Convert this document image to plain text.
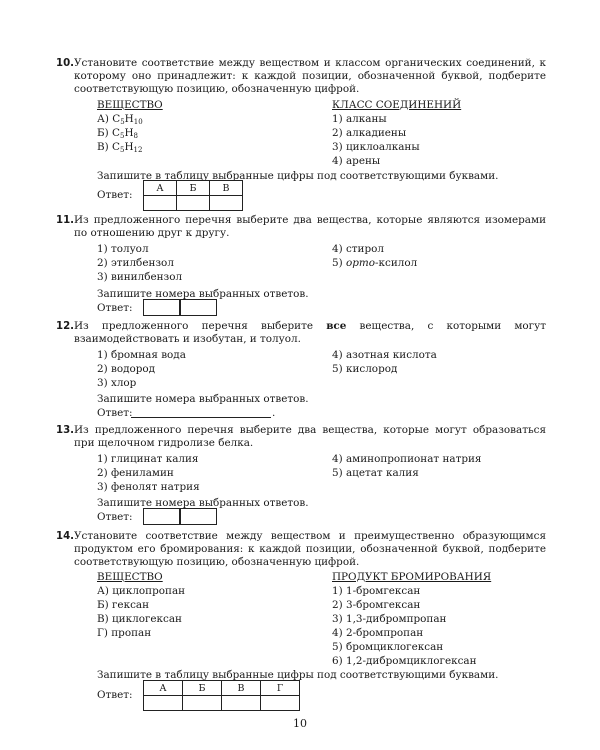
10. Установите соответствие между веществом и классом органических соединений, к которому оно принадлежит: к каждой позиции, обозначенной буквой, подберите соответствующую позицию, обозначенную цифрой.

ВЕЩЕСТВО	КЛАСС СОЕДИНЕНИЙ
А) $C_5H_{10}$
Б) $C_5H_8$
В) $C_5H_{12}$
1) алканы
2) алкадиены
3) циклоалканы
4) арены
Запишите в таблицу выбранные цифры под соответствующими буквами.
Ответ:
А	Б	В

11. Из предложенного перечня выберите два вещества, которые являются изомерами по отношению друг к другу.

1) толуол
2) этилбензол
3) винилбензол
4) стирол
5) орто-ксилол
Запишите номера выбранных ответов.
Ответ:
12. Из предложенного перечня выберите все вещества, с которыми могут взаимодействовать и изобутан, и толуол.

1) бромная вода
2) водород
3) хлор
4) азотная кислота
5) кислород
Запишите номера выбранных ответов.
Ответ:	.
13. Из предложенного перечня выберите два вещества, которые могут образоваться при щелочном гидролизе белка.

1) глицинат калия
2) фениламин
3) фенолят натрия
4) аминопропионат натрия
5) ацетат калия
Запишите номера выбранных ответов.
Ответ:
14. Установите соответствие между веществом и преимущественно образующимся продуктом его бромирования: к каждой позиции, обозначенной буквой, подберите соответствующую позицию, обозначенную цифрой.

ВЕЩЕСТВО	ПРОДУКТ БРОМИРОВАНИЯ
А) циклопропан
Б) гексан
В) циклогексан
Г) пропан
1) 1-бромгексан
2) 3-бромгексан
3) 1,3-дибромпропан
4) 2-бромпропан
5) бромциклогексан
6) 1,2-дибромциклогексан
Запишите в таблицу выбранные цифры под соответствующими буквами.
Ответ:
А	Б	В	Г

10
